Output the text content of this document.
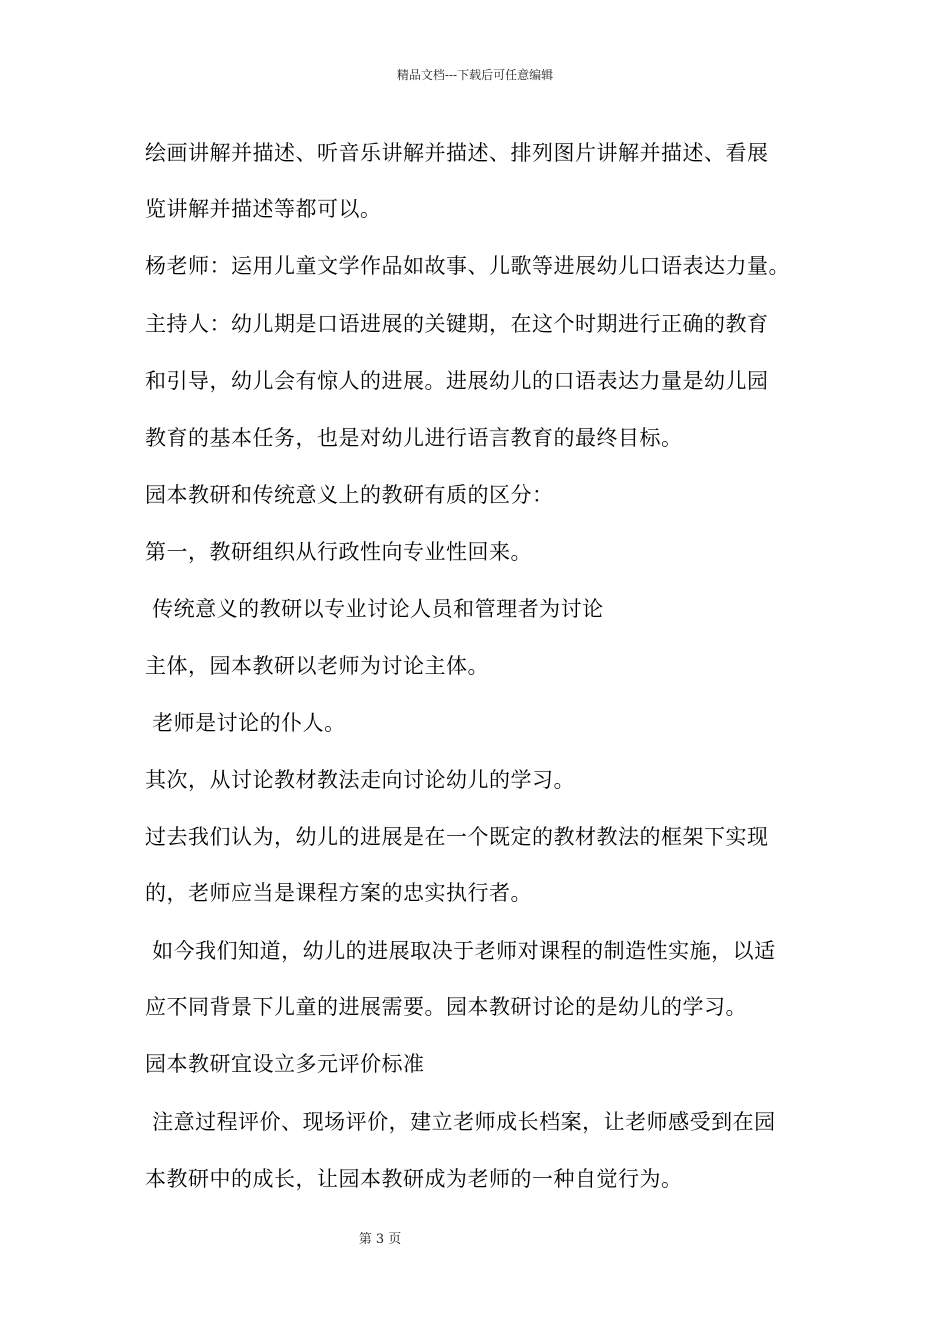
精品文档---下载后可任意编辑
绘画讲解并描述、听音乐讲解并描述、排列图片讲解并描述、看展
览讲解并描述等都可以。
杨老师：运用儿童文学作品如故事、儿歌等进展幼儿口语表达力量。
主持人：幼儿期是口语进展的关键期，在这个时期进行正确的教育
和引导，幼儿会有惊人的进展。进展幼儿的口语表达力量是幼儿园
教育的基本任务，也是对幼儿进行语言教育的最终目标。
园本教研和传统意义上的教研有质的区分：
第一，教研组织从行政性向专业性回来。
传统意义的教研以专业讨论人员和管理者为讨论
主体，园本教研以老师为讨论主体。
老师是讨论的仆人。
其次，从讨论教材教法走向讨论幼儿的学习。
过去我们认为，幼儿的进展是在一个既定的教材教法的框架下实现
的，老师应当是课程方案的忠实执行者。
如今我们知道，幼儿的进展取决于老师对课程的制造性实施，以适
应不同背景下儿童的进展需要。园本教研讨论的是幼儿的学习。
园本教研宜设立多元评价标准
注意过程评价、现场评价，建立老师成长档案，让老师感受到在园
本教研中的成长，让园本教研成为老师的一种自觉行为。
第 3 页
